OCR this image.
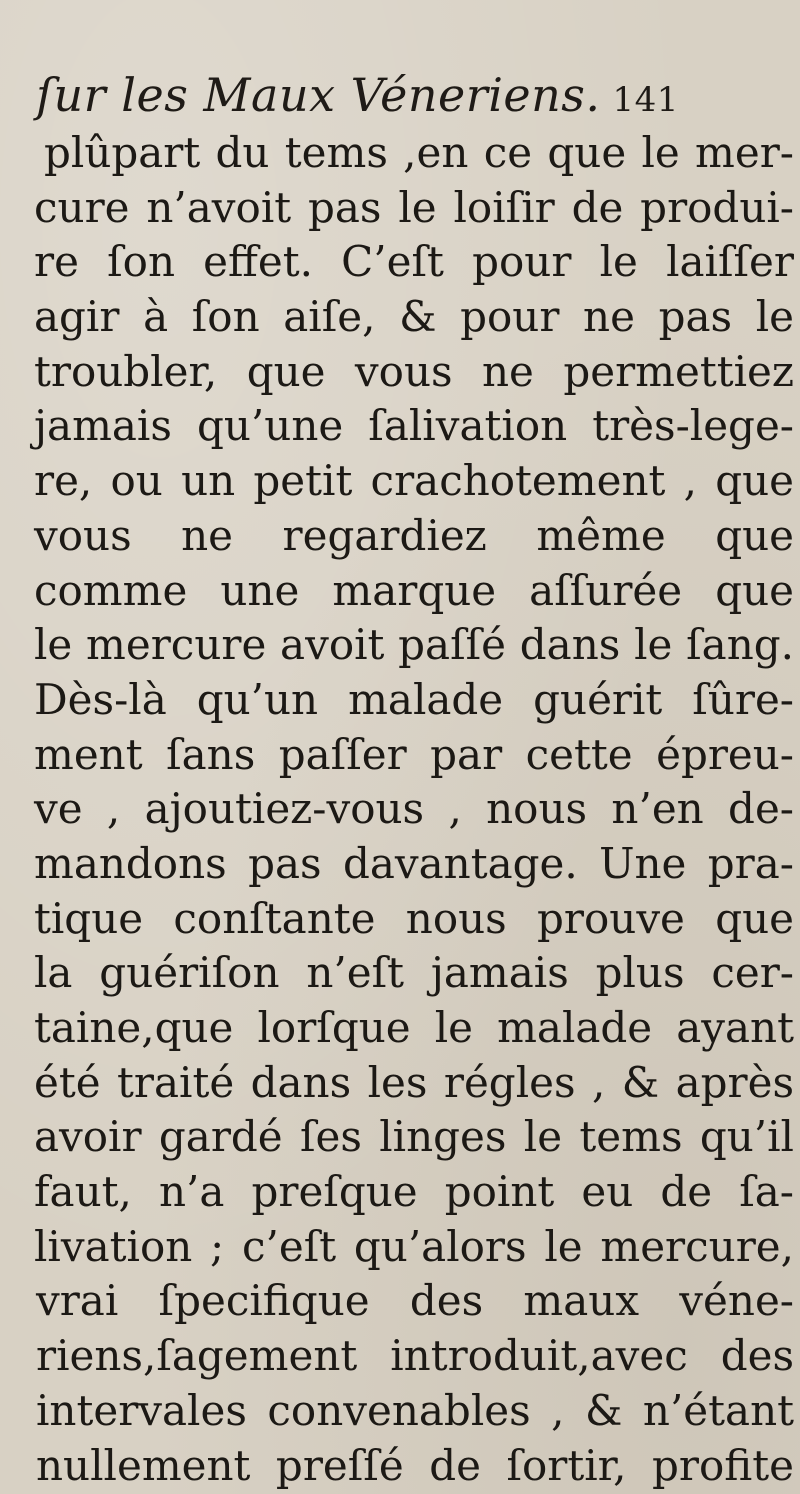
ſur les Maux Véneriens. 141
plûpart du tems ,en ce que le mer-
cure n’avoit pas le loiſir de produi-
re ſon effet. C’eſt pour le laiſſer
agir à ſon aiſe, & pour ne pas le
troubler, que vous ne permettiez
jamais qu’une ſalivation très-lege-
re, ou un petit crachotement , que
vous ne regardiez même que
comme une marque aſſurée que
le mercure avoit paſſé dans le ſang.
Dès-là qu’un malade guérit ſûre-
ment ſans paſſer par cette épreu-
ve , ajoutiez-vous , nous n’en de-
mandons pas davantage. Une pra-
tique conſtante nous prouve que
la guériſon n’eſt jamais plus cer-
taine,que lorſque le malade ayant
été traité dans les régles , & après
avoir gardé ſes linges le tems qu’il
faut, n’a preſque point eu de ſa-
livation ; c’eſt qu’alors le mercure,
vrai ſpecifique des maux véne-
riens,ſagement introduit,avec des
intervales convenables , & n’étant
nullement preſſé de ſortir, profite
